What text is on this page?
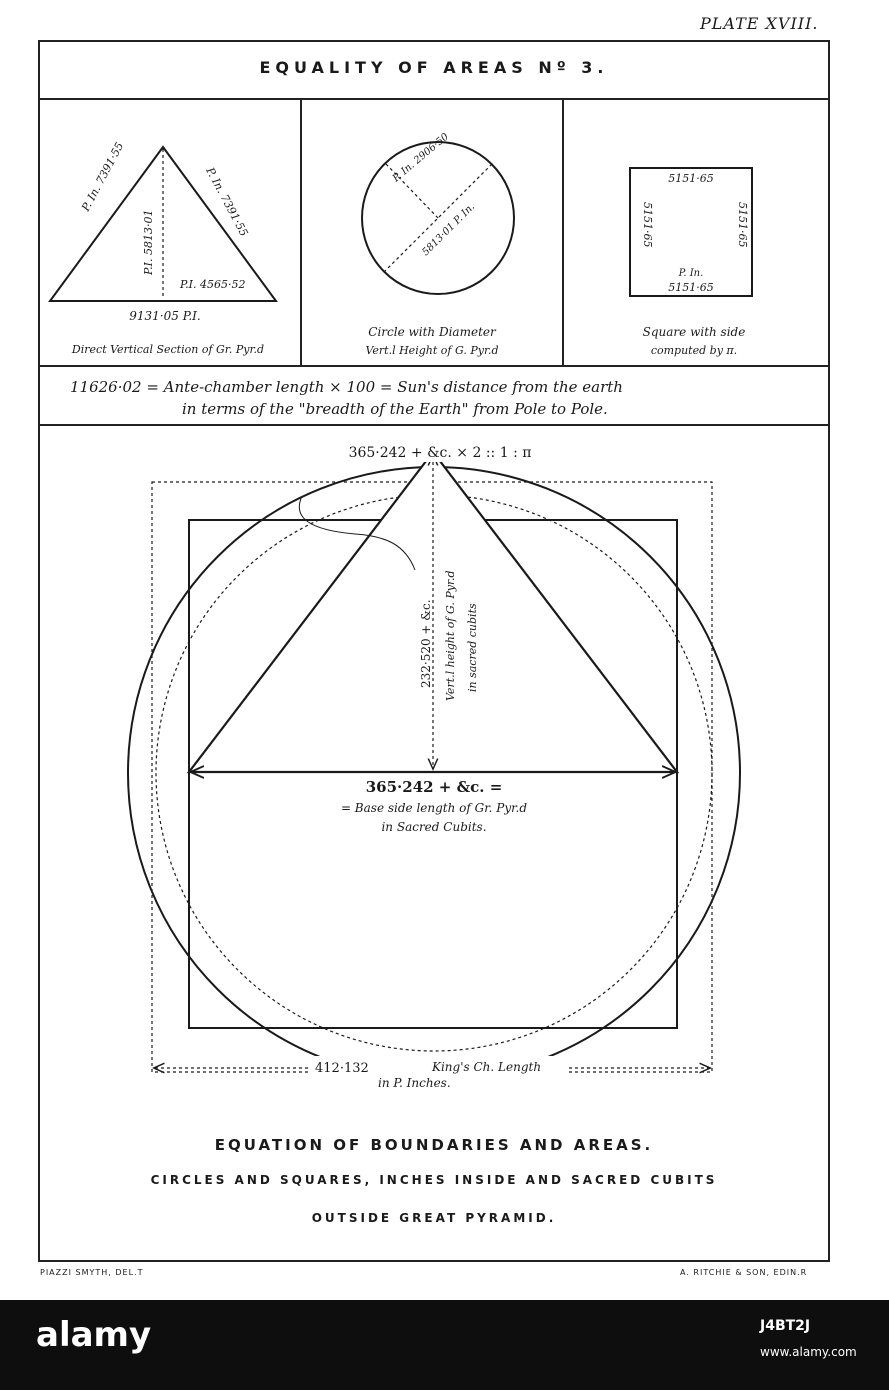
PLATE XVIII.
EQUALITY OF AREAS Nº 3.
P. In. 7391·55	P. In. 7391·55
P.I. 5813·01
P.I. 4565·52
9131·05 P.I.
Direct Vertical Section of Gr. Pyr.d
P. In. 2906·50
5813·01 P. In.
Circle with Diameter
Vert.l Height of G. Pyr.d
5151·65
5151·65	5151·65
P. In.
5151·65
Square with side
computed by π.
11626·02 = Ante-chamber length × 100 = Sun's distance from the earth
in terms of the "breadth of the Earth" from Pole to Pole.
365·242 + &c. × 2 :: 1 : π
232·520 + &c. Vert.l height of G. Pyr.d in sacred cubits
365·242 + &c. =
= Base side length of Gr. Pyr.d
in Sacred Cubits.
412·132	King's Ch. Length
in P. Inches.
EQUATION OF BOUNDARIES AND AREAS.
CIRCLES AND SQUARES, INCHES INSIDE AND SACRED CUBITS
OUTSIDE GREAT PYRAMID.
PIAZZI SMYTH, DEL.T	A. RITCHIE & SON, EDIN.R
alamy	J4BT2J
www.alamy.com
